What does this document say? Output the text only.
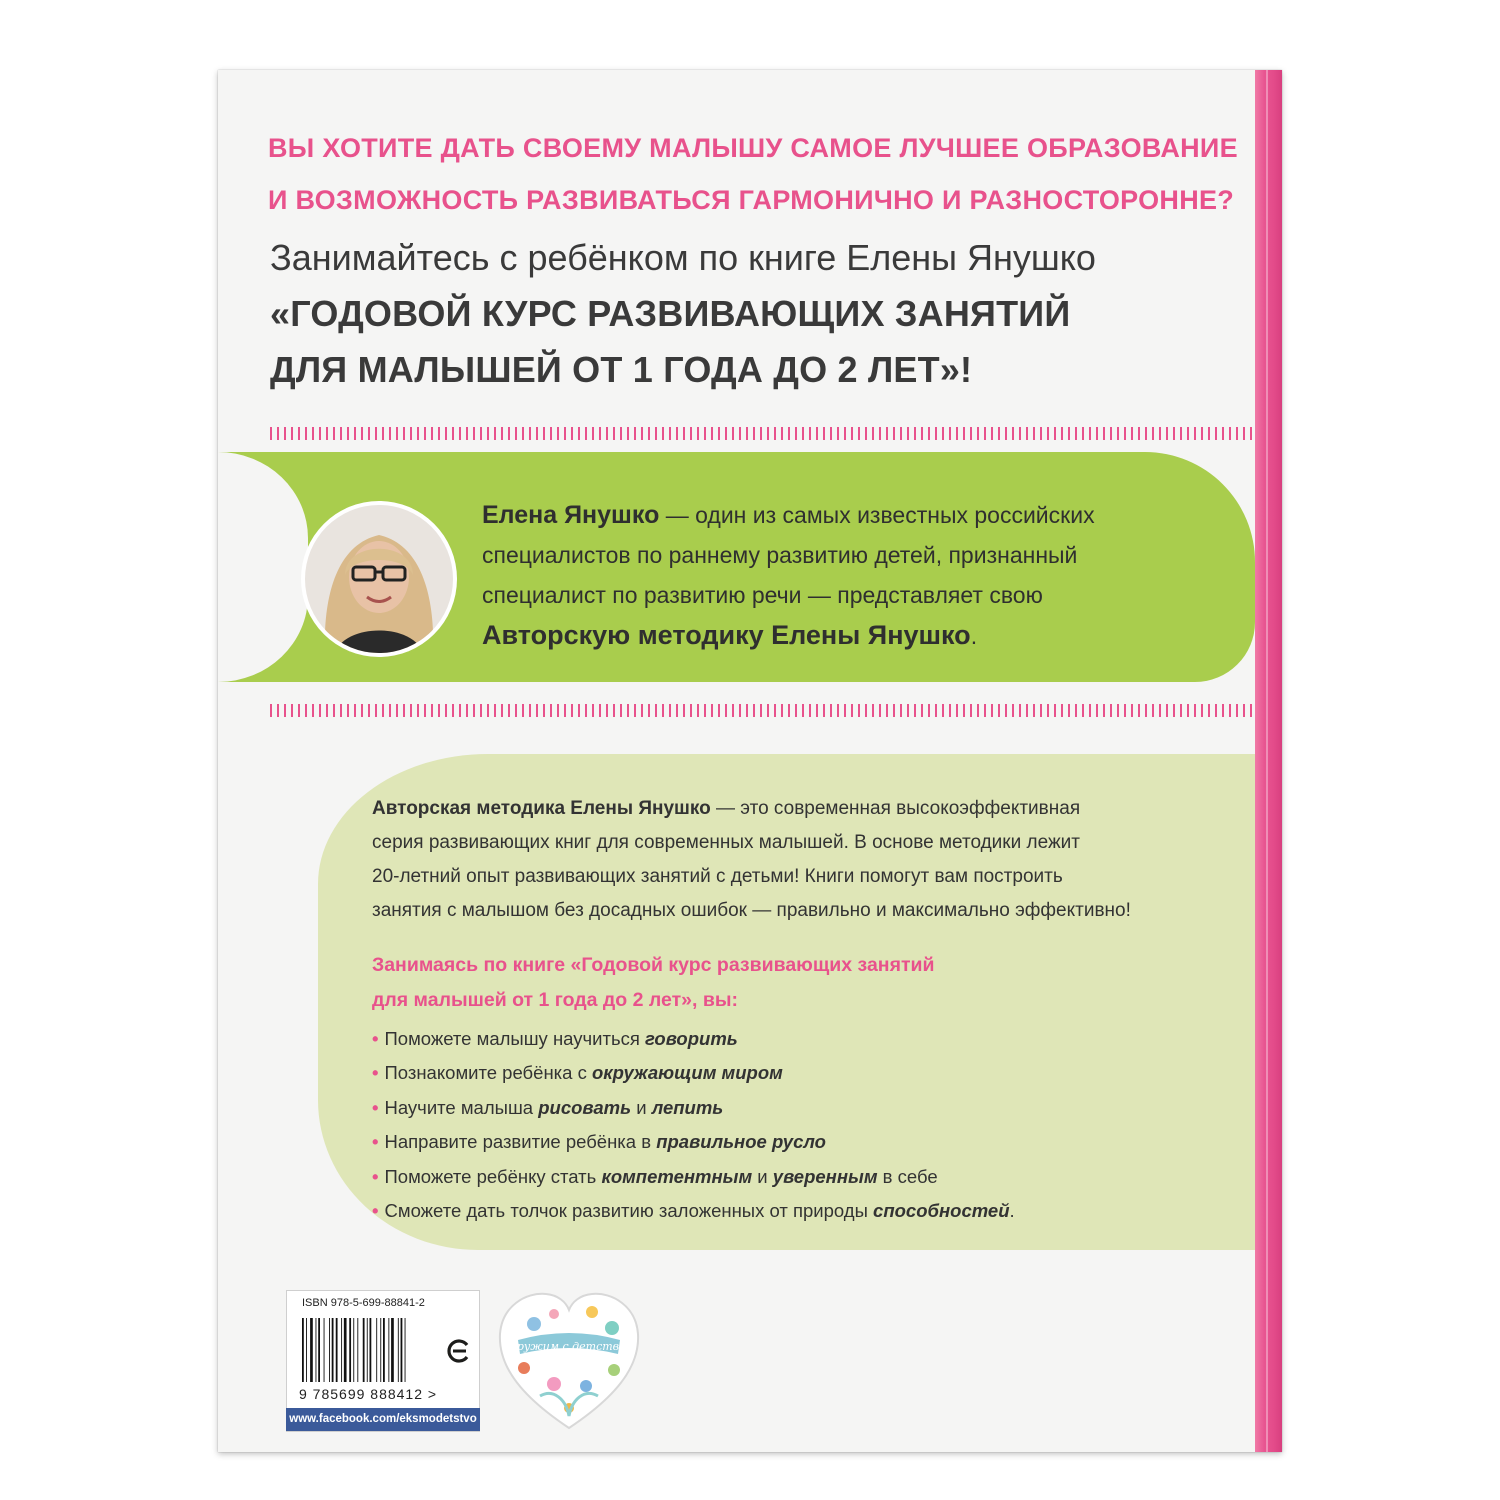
ВЫ ХОТИТЕ ДАТЬ СВОЕМУ МАЛЫШУ САМОЕ ЛУЧШЕЕ ОБРАЗОВАНИЕ
И ВОЗМОЖНОСТЬ РАЗВИВАТЬСЯ ГАРМОНИЧНО И РАЗНОСТОРОННЕ?
Занимайтесь с ребёнком по книге Елены Янушко
«ГОДОВОЙ КУРС РАЗВИВАЮЩИХ ЗАНЯТИЙ
ДЛЯ МАЛЫШЕЙ ОТ 1 ГОДА ДО 2 ЛЕТ»!
Елена Янушко — один из самых известных российских
специалистов по раннему развитию детей, признанный
специалист по развитию речи — представляет свою
Авторскую методику Елены Янушко.
Авторская методика Елены Янушко — это современная высокоэффективная
серия развивающих книг для современных малышей. В основе методики лежит
20-летний опыт развивающих занятий с детьми! Книги помогут вам построить
занятия с малышом без досадных ошибок — правильно и максимально эффективно!
Занимаясь по книге «Годовой курс развивающих занятий
для малышей от 1 года до 2 лет», вы:
• Поможете малышу научиться говорить
• Познакомите ребёнка с окружающим миром
• Научите малыша рисовать и лепить
• Направите развитие ребёнка в правильное русло
• Поможете ребёнку стать компетентным и уверенным в себе
• Сможете дать толчок развитию заложенных от природы способностей.
ISBN 978-5-699-88841-2
9 785699 888412 >
www.facebook.com/eksmodetstvo
Дружим с детства!
